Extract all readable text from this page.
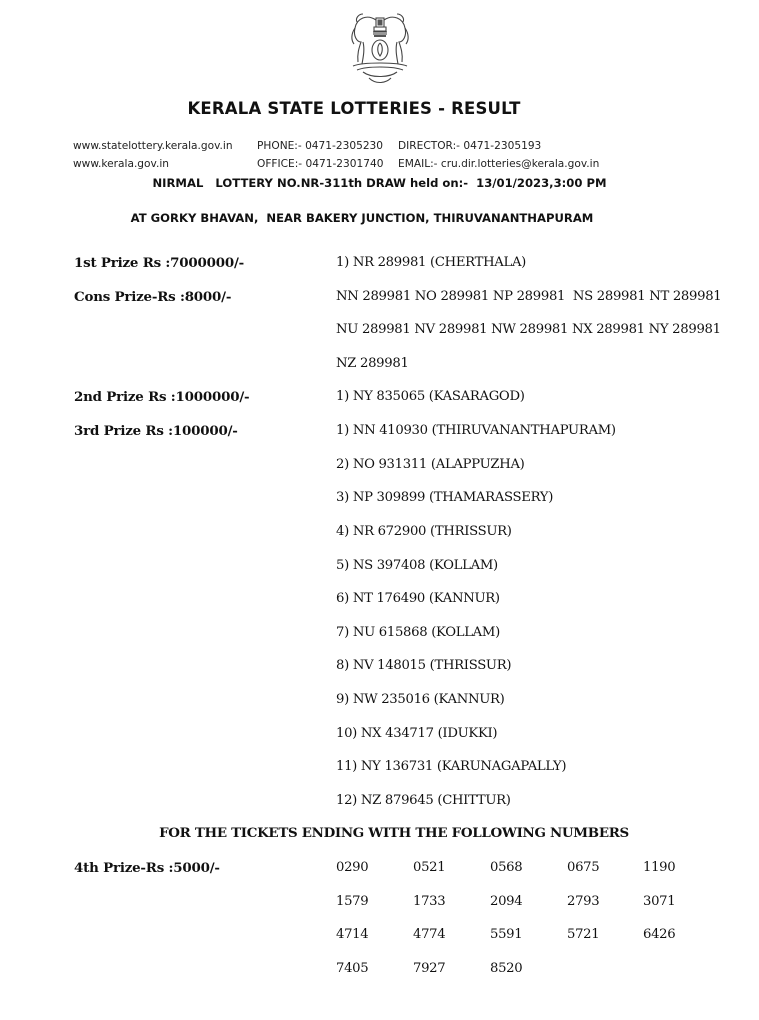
KERALA STATE LOTTERIES - RESULT
www.statelottery.kerala.gov.in PHONE:- 0471-2305230 DIRECTOR:- 0471-2305193
www.kerala.gov.in	OFFICE:- 0471-2301740 EMAIL:- cru.dir.lotteries@kerala.gov.in
NIRMAL   LOTTERY NO.NR-311th DRAW held on:-  13/01/2023,3:00 PM
AT GORKY BHAVAN,  NEAR BAKERY JUNCTION, THIRUVANANTHAPURAM
1st Prize Rs :7000000/-	1) NR 289981 (CHERTHALA)
Cons Prize-Rs :8000/-	NN 289981 NO 289981 NP 289981  NS 289981 NT 289981
NU 289981 NV 289981 NW 289981 NX 289981 NY 289981
NZ 289981
2nd Prize Rs :1000000/-	1) NY 835065 (KASARAGOD)
3rd Prize Rs :100000/-	1) NN 410930 (THIRUVANANTHAPURAM)
2) NO 931311 (ALAPPUZHA)
3) NP 309899 (THAMARASSERY)
4) NR 672900 (THRISSUR)
5) NS 397408 (KOLLAM)
6) NT 176490 (KANNUR)
7) NU 615868 (KOLLAM)
8) NV 148015 (THRISSUR)
9) NW 235016 (KANNUR)
10) NX 434717 (IDUKKI)
11) NY 136731 (KARUNAGAPALLY)
12) NZ 879645 (CHITTUR)
FOR THE TICKETS ENDING WITH THE FOLLOWING NUMBERS
4th Prize-Rs :5000/-	0290	0521	0568	0675	1190
1579	1733	2094	2793	3071
4714	4774	5591	5721	6426
7405	7927	8520
